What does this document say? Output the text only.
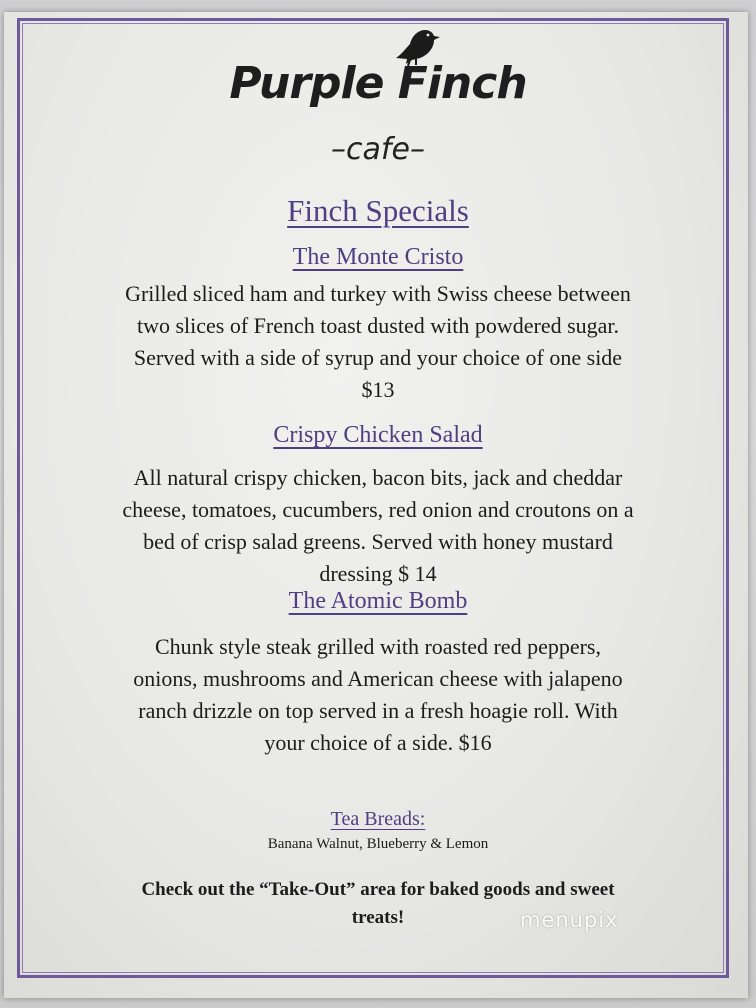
Purple Finch
–cafe–
Finch Specials
The Monte Cristo
Grilled sliced ham and turkey with Swiss cheese between
two slices of French toast dusted with powdered sugar.
Served with a side of syrup and your choice of one side
$13
Crispy Chicken Salad
All natural crispy chicken, bacon bits, jack and cheddar
cheese, tomatoes, cucumbers, red onion and croutons on a
bed of crisp salad greens. Served with honey mustard
dressing $ 14
The Atomic Bomb
Chunk style steak grilled with roasted red peppers,
onions, mushrooms and American cheese with jalapeno
ranch drizzle on top served in a fresh hoagie roll. With
your choice of a side. $16
Tea Breads:
Banana Walnut, Blueberry & Lemon
Check out the “Take-Out” area for baked goods and sweet
treats!	menupix
